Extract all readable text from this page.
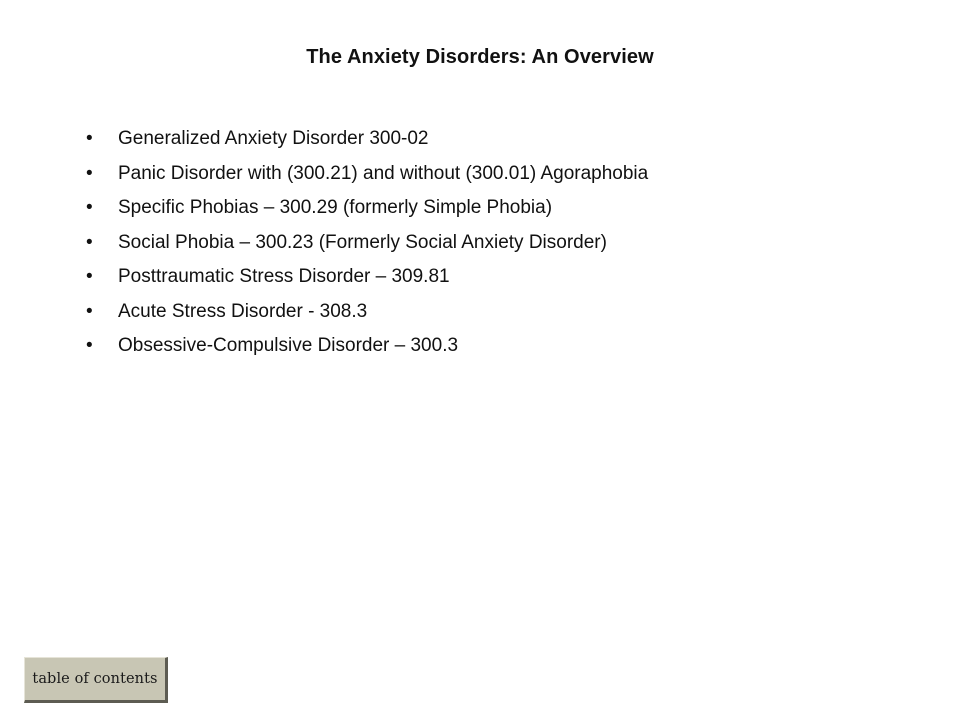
The Anxiety Disorders: An Overview
• Generalized Anxiety Disorder 300-02
• Panic Disorder with (300.21) and without (300.01) Agoraphobia
• Specific Phobias – 300.29 (formerly Simple Phobia)
• Social Phobia – 300.23 (Formerly Social Anxiety Disorder)
• Posttraumatic Stress Disorder – 309.81
• Acute Stress Disorder - 308.3
• Obsessive-Compulsive Disorder – 300.3
table of contents
